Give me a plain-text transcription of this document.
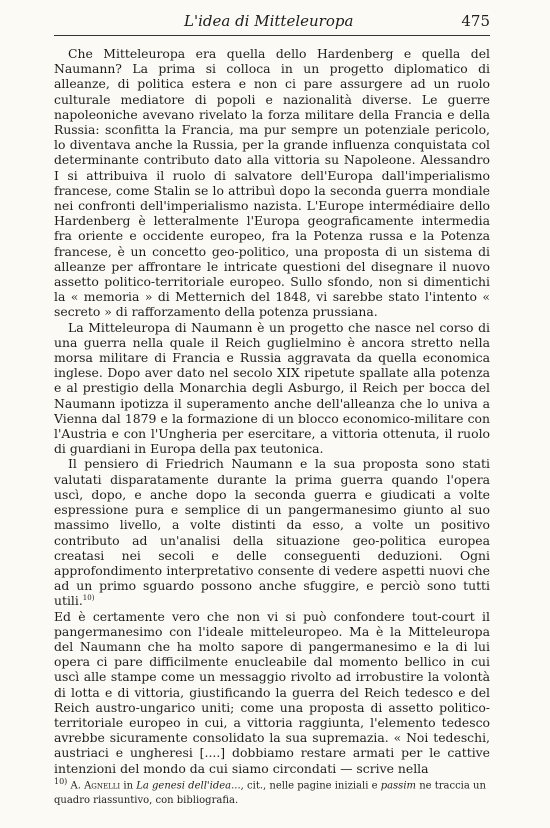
L'idea di Mitteleuropa	475

Che Mitteleuropa era quella dello Hardenberg e quella del Naumann? La prima si colloca in un progetto diplomatico di alleanze, di politica estera e non ci pare assurgere ad un ruolo culturale mediatore di popoli e nazionalità diverse. Le guerre napoleoniche avevano rivelato la forza militare della Francia e della Russia: sconfitta la Francia, ma pur sempre un potenziale pericolo, lo diventava anche la Russia, per la grande influenza conquistata col determinante contributo dato alla vittoria su Napoleone. Alessandro I si attribuiva il ruolo di salvatore dell'Europa dall'imperialismo francese, come Stalin se lo attribuì dopo la seconda guerra mondiale nei confronti dell'imperialismo nazista. L'Europe intermédiaire dello Hardenberg è letteralmente l'Europa geograficamente intermedia fra oriente e occidente europeo, fra la Potenza russa e la Potenza francese, è un concetto geo-politico, una proposta di un sistema di alleanze per affrontare le intricate questioni del disegnare il nuovo assetto politico-territoriale europeo. Sullo sfondo, non si dimentichi la « memoria » di Metternich del 1848, vi sarebbe stato l'intento « secreto » di rafforzamento della potenza prussiana.

La Mitteleuropa di Naumann è un progetto che nasce nel corso di una guerra nella quale il Reich guglielmino è ancora stretto nella morsa militare di Francia e Russia aggravata da quella economica inglese. Dopo aver dato nel secolo XIX ripetute spallate alla potenza e al prestigio della Monarchia degli Asburgo, il Reich per bocca del Naumann ipotizza il superamento anche dell'alleanza che lo univa a Vienna dal 1879 e la formazione di un blocco economico-militare con l'Austria e con l'Ungheria per esercitare, a vittoria ottenuta, il ruolo di guardiani in Europa della pax teutonica.

Il pensiero di Friedrich Naumann e la sua proposta sono stati valutati disparatamente durante la prima guerra quando l'opera uscì, dopo, e anche dopo la seconda guerra e giudicati a volte espressione pura e semplice di un pangermanesimo giunto al suo massimo livello, a volte distinti da esso, a volte un positivo contributo ad un'analisi della situazione geo-politica europea creatasi nei secoli e delle conseguenti deduzioni. Ogni approfondimento interpretativo consente di vedere aspetti nuovi che ad un primo sguardo possono anche sfuggire, e perciò sono tutti utili.$^{10)}$

Ed è certamente vero che non vi si può confondere tout-court il pangermanesimo con l'ideale mitteleuropeo. Ma è la Mitteleuropa del Naumann che ha molto sapore di pangermanesimo e la di lui opera ci pare difficilmente enucleabile dal momento bellico in cui uscì alle stampe come un messaggio rivolto ad irrobustire la volontà di lotta e di vittoria, giustificando la guerra del Reich tedesco e del Reich austro-ungarico uniti; come una proposta di assetto politico-territoriale europeo in cui, a vittoria raggiunta, l'elemento tedesco avrebbe sicuramente consolidato la sua supremazia. « Noi tedeschi, austriaci e ungheresi [....] dobbiamo restare armati per le cattive intenzioni del mondo da cui siamo circondati — scrive nella

$^{10)}$ A. Agnelli in La genesi dell'idea..., cit., nelle pagine iniziali e passim ne traccia un quadro riassuntivo, con bibliografia.
